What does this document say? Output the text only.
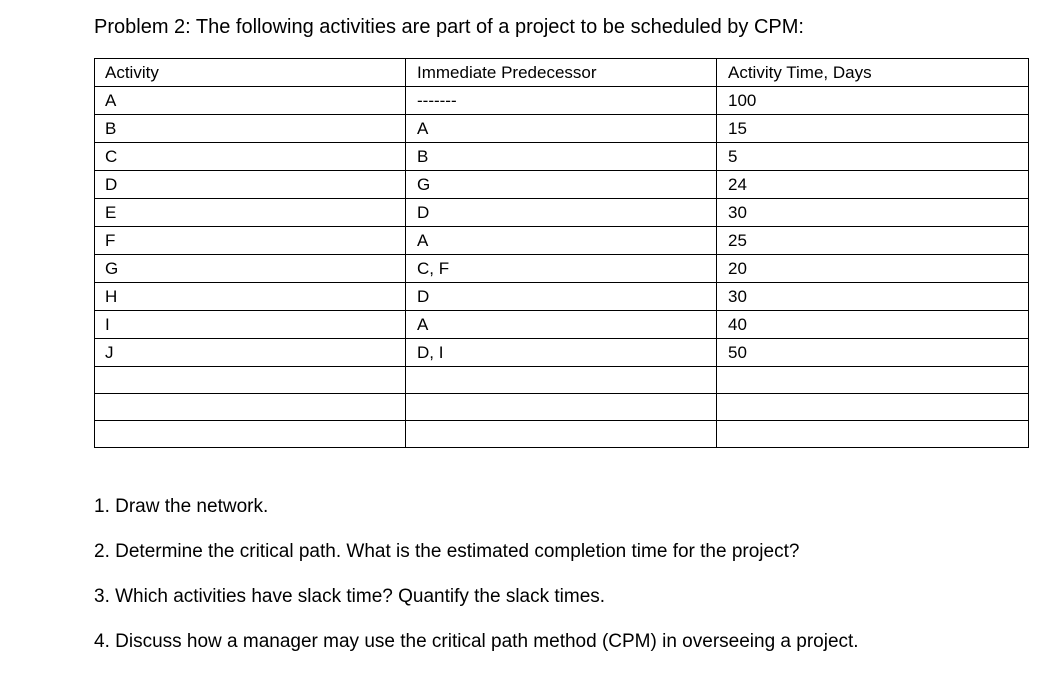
Problem 2: The following activities are part of a project to be scheduled by CPM:
Activity	Immediate Predecessor	Activity Time, Days
A	-------	100
B	A	15
C	B	5
D	G	24
E	D	30
F	A	25
G	C, F	20
H	D	30
I	A	40
J	D, I	50

1. Draw the network.

2. Determine the critical path. What is the estimated completion time for the project?

3. Which activities have slack time? Quantify the slack times.

4. Discuss how a manager may use the critical path method (CPM) in overseeing a project.
